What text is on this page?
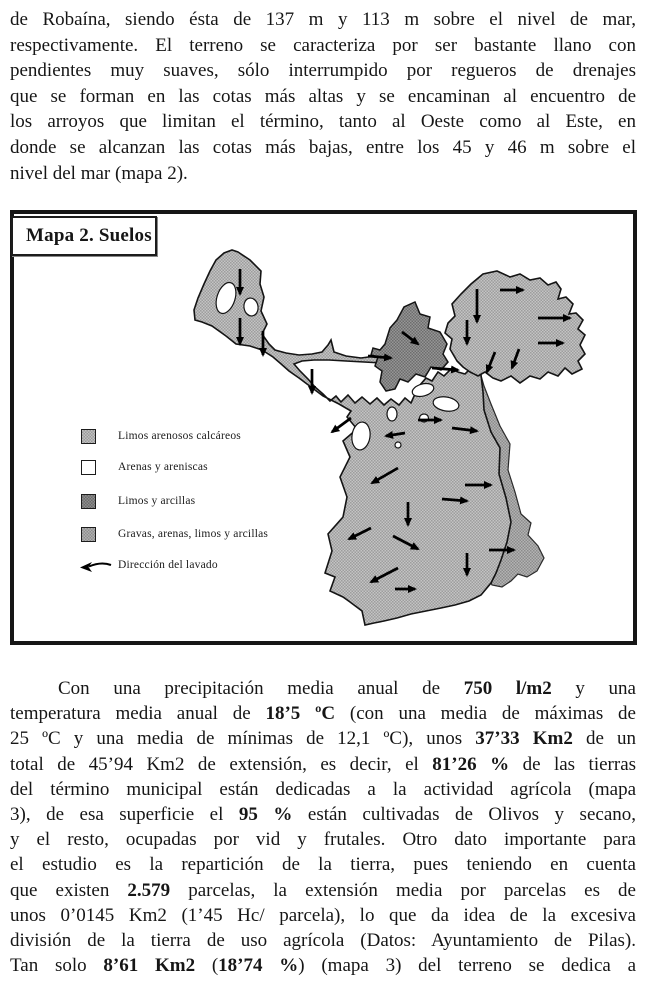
de Robaína, siendo ésta de 137 m y 113 m sobre el nivel de mar,
respectivamente. El terreno se caracteriza por ser bastante llano con
pendientes muy suaves, sólo interrumpido por regueros de drenajes
que se forman en las cotas más altas y se encaminan al encuentro de
los arroyos que limitan el término, tanto al Oeste como al Este, en
donde se alcanzan las cotas más bajas, entre los 45 y 46 m sobre el
nivel del mar (mapa 2).
Mapa 2. Suelos
Limos arenosos calcáreos
Arenas y areniscas
Limos y arcillas
Gravas, arenas, limos y arcillas
Dirección del lavado
Con una precipitación media anual de 750 l/m2 y una
temperatura media anual de 18’5 ºC (con una media de máximas de
25 ºC y una media de mínimas de 12,1 ºC), unos 37’33 Km2 de un
total de 45’94 Km2 de extensión, es decir, el 81’26 % de las tierras
del término municipal están dedicadas a la actividad agrícola (mapa
3), de esa superficie el 95 % están cultivadas de Olivos y secano,
y el resto, ocupadas por vid y frutales. Otro dato importante para
el estudio es la repartición de la tierra, pues teniendo en cuenta
que existen 2.579 parcelas, la extensión media por parcelas es de
unos 0’0145 Km2 (1’45 Hc/ parcela), lo que da idea de la excesiva
división de la tierra de uso agrícola (Datos: Ayuntamiento de Pilas).
Tan solo 8’61 Km2 (18’74 %) (mapa 3) del terreno se dedica a
